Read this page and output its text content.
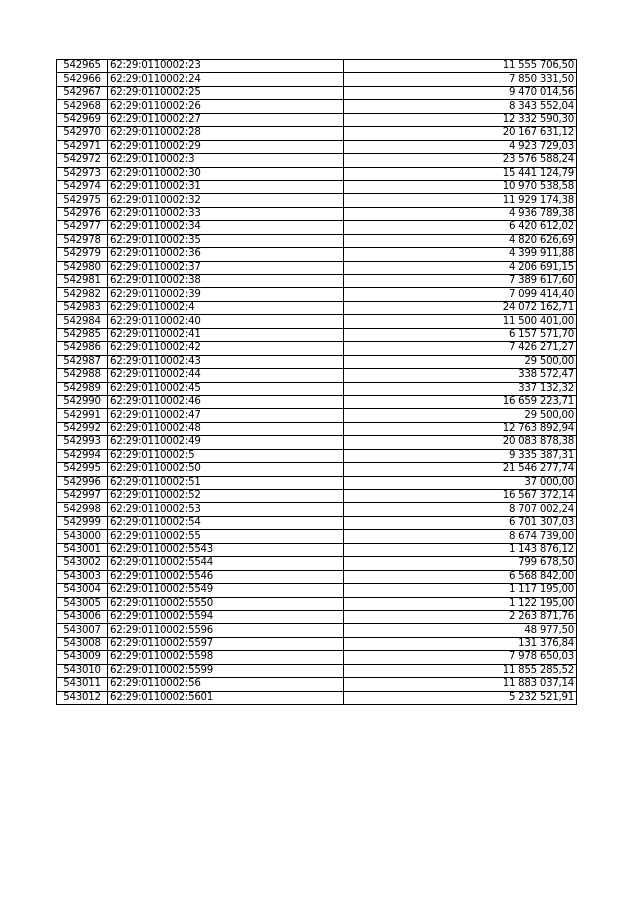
542965	62:29:0110002:23	11 555 706,50
542966	62:29:0110002:24	7 850 331,50
542967	62:29:0110002:25	9 470 014,56
542968	62:29:0110002:26	8 343 552,04
542969	62:29:0110002:27	12 332 590,30
542970	62:29:0110002:28	20 167 631,12
542971	62:29:0110002:29	4 923 729,03
542972	62:29:0110002:3	23 576 588,24
542973	62:29:0110002:30	15 441 124,79
542974	62:29:0110002:31	10 970 538,58
542975	62:29:0110002:32	11 929 174,38
542976	62:29:0110002:33	4 936 789,38
542977	62:29:0110002:34	6 420 612,02
542978	62:29:0110002:35	4 820 626,69
542979	62:29:0110002:36	4 399 911,88
542980	62:29:0110002:37	4 206 691,15
542981	62:29:0110002:38	7 389 617,60
542982	62:29:0110002:39	7 099 414,40
542983	62:29:0110002:4	24 072 162,71
542984	62:29:0110002:40	11 500 401,00
542985	62:29:0110002:41	6 157 571,70
542986	62:29:0110002:42	7 426 271,27
542987	62:29:0110002:43	29 500,00
542988	62:29:0110002:44	338 572,47
542989	62:29:0110002:45	337 132,32
542990	62:29:0110002:46	16 659 223,71
542991	62:29:0110002:47	29 500,00
542992	62:29:0110002:48	12 763 892,94
542993	62:29:0110002:49	20 083 878,38
542994	62:29:0110002:5	9 335 387,31
542995	62:29:0110002:50	21 546 277,74
542996	62:29:0110002:51	37 000,00
542997	62:29:0110002:52	16 567 372,14
542998	62:29:0110002:53	8 707 002,24
542999	62:29:0110002:54	6 701 307,03
543000	62:29:0110002:55	8 674 739,00
543001	62:29:0110002:5543	1 143 876,12
543002	62:29:0110002:5544	799 678,50
543003	62:29:0110002:5546	6 568 842,00
543004	62:29:0110002:5549	1 117 195,00
543005	62:29:0110002:5550	1 122 195,00
543006	62:29:0110002:5594	2 263 871,76
543007	62:29:0110002:5596	48 977,50
543008	62:29:0110002:5597	131 376,84
543009	62:29:0110002:5598	7 978 650,03
543010	62:29:0110002:5599	11 855 285,52
543011	62:29:0110002:56	11 883 037,14
543012	62:29:0110002:5601	5 232 521,91
